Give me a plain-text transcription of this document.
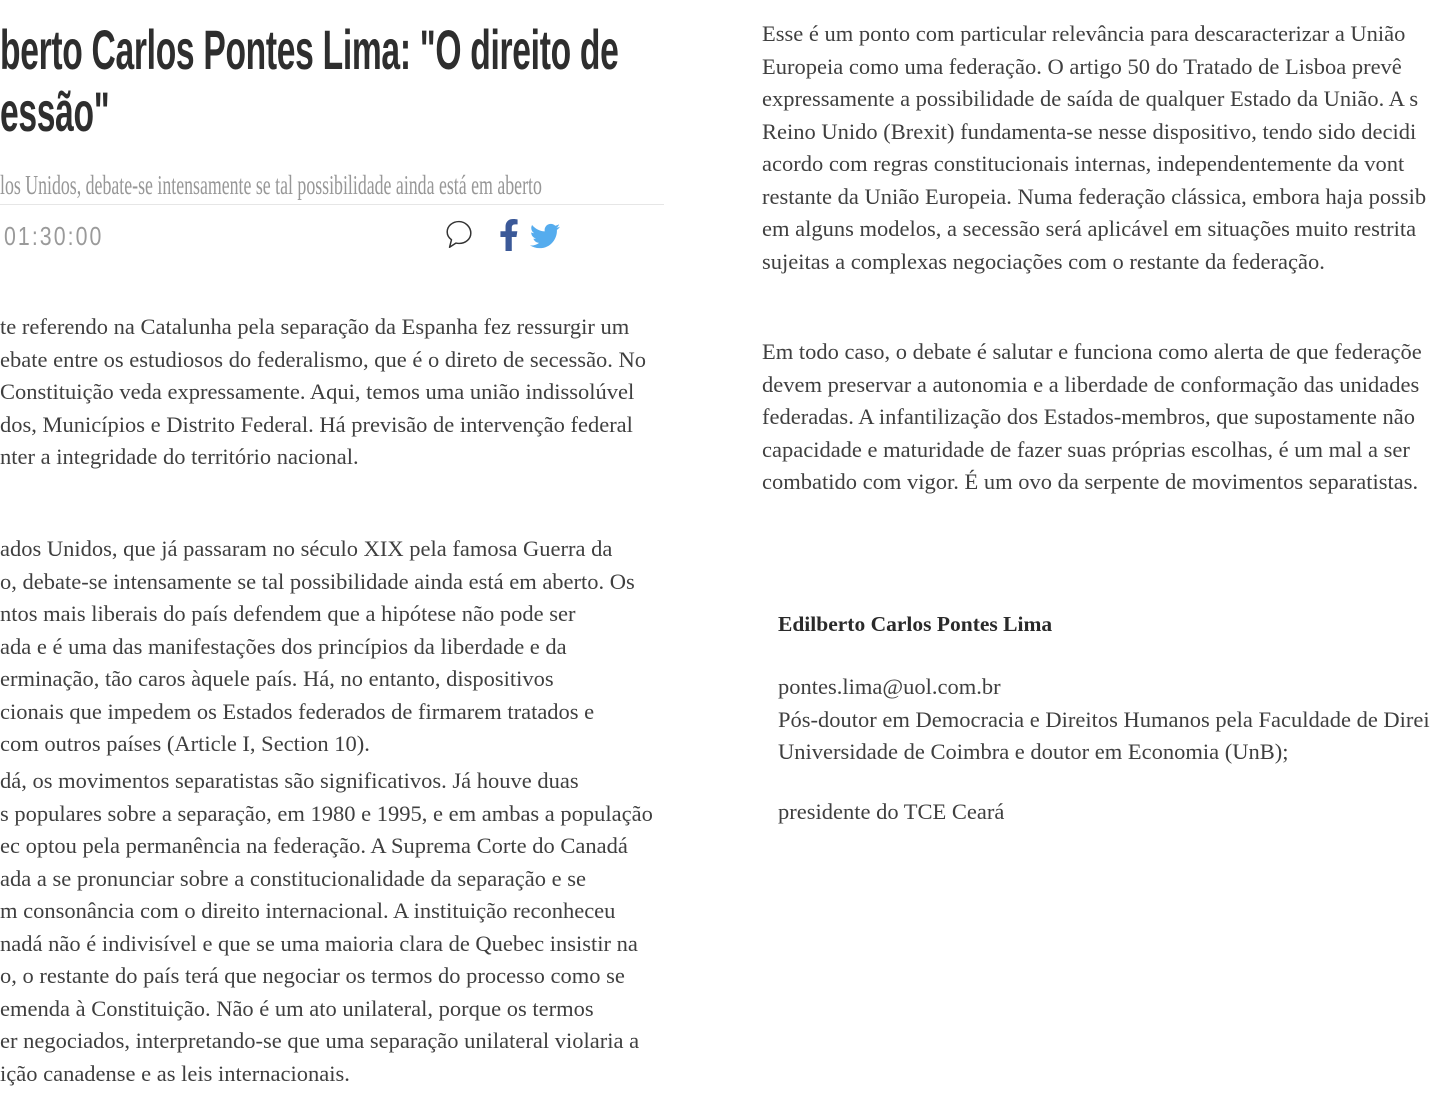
berto Carlos Pontes Lima: "O direito de
essão"
los Unidos, debate-se intensamente se tal possibilidade ainda está em aberto
01:30:00
te referendo na Catalunha pela separação da Espanha fez ressurgir um
ebate entre os estudiosos do federalismo, que é o direto de secessão. No
Constituição veda expressamente. Aqui, temos uma união indissolúvel
dos, Municípios e Distrito Federal. Há previsão de intervenção federal
nter a integridade do território nacional.
ados Unidos, que já passaram no século XIX pela famosa Guerra da
o, debate-se intensamente se tal possibilidade ainda está em aberto. Os
ntos mais liberais do país defendem que a hipótese não pode ser
ada e é uma das manifestações dos princípios da liberdade e da
erminação, tão caros àquele país. Há, no entanto, dispositivos
cionais que impedem os Estados federados de firmarem tratados e
com outros países (Article I, Section 10).
dá, os movimentos separatistas são significativos. Já houve duas
s populares sobre a separação, em 1980 e 1995, e em ambas a população
ec optou pela permanência na federação. A Suprema Corte do Canadá
ada a se pronunciar sobre a constitucionalidade da separação e se
m consonância com o direito internacional. A instituição reconheceu
nadá não é indivisível e que se uma maioria clara de Quebec insistir na
o, o restante do país terá que negociar os termos do processo como se
emenda à Constituição. Não é um ato unilateral, porque os termos
er negociados, interpretando-se que uma separação unilateral violaria a
ição canadense e as leis internacionais.
Esse é um ponto com particular relevância para descaracterizar a União
Europeia como uma federação. O artigo 50 do Tratado de Lisboa prevê
expressamente a possibilidade de saída de qualquer Estado da União. A s
Reino Unido (Brexit) fundamenta-se nesse dispositivo, tendo sido decidi
acordo com regras constitucionais internas, independentemente da vont
restante da União Europeia. Numa federação clássica, embora haja possib
em alguns modelos, a secessão será aplicável em situações muito restrita
sujeitas a complexas negociações com o restante da federação.
Em todo caso, o debate é salutar e funciona como alerta de que federaçõe
devem preservar a autonomia e a liberdade de conformação das unidades
federadas. A infantilização dos Estados-membros, que supostamente não
capacidade e maturidade de fazer suas próprias escolhas, é um mal a ser
combatido com vigor. É um ovo da serpente de movimentos separatistas.
Edilberto Carlos Pontes Lima
pontes.lima@uol.com.br
Pós-doutor em Democracia e Direitos Humanos pela Faculdade de Direi
Universidade de Coimbra e doutor em Economia (UnB);
presidente do TCE Ceará
